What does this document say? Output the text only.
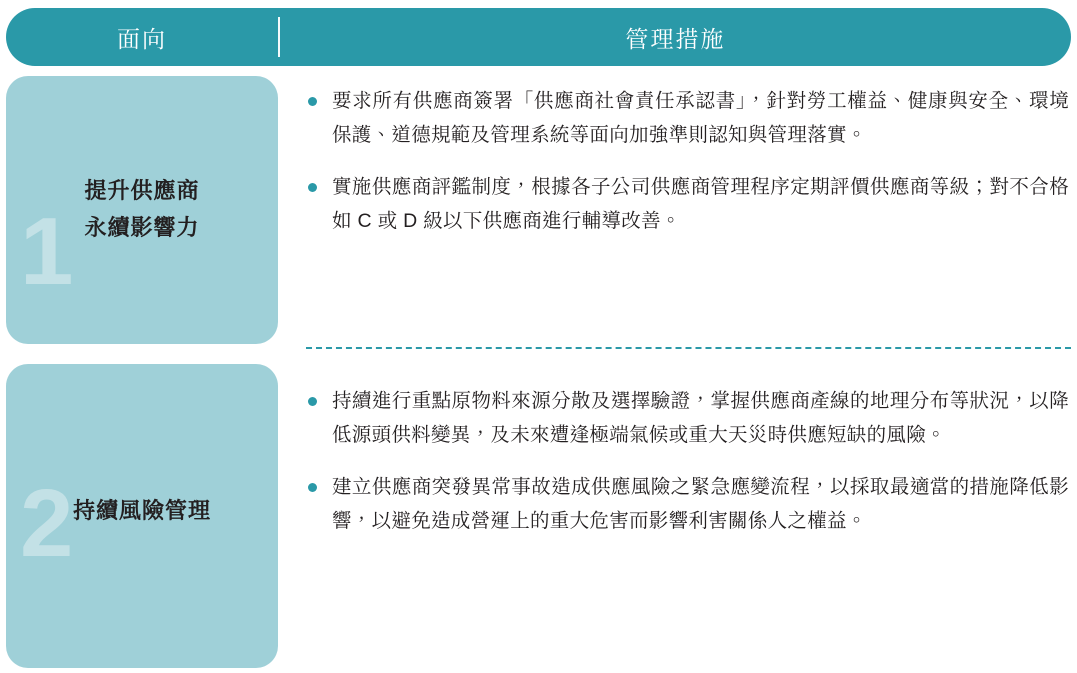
面向	管理措施
1
提升供應商
永續影響力
要求所有供應商簽署「供應商社會責任承認書」，針對勞工權益、健康與安全、環境保護、道德規範及管理系統等面向加強準則認知與管理落實。
實施供應商評鑑制度，根據各子公司供應商管理程序定期評價供應商等級；對不合格如 C 或 D 級以下供應商進行輔導改善。
2 持續風險管理
持續進行重點原物料來源分散及選擇驗證，掌握供應商產線的地理分布等狀況，以降低源頭供料變異，及未來遭逢極端氣候或重大天災時供應短缺的風險。
建立供應商突發異常事故造成供應風險之緊急應變流程，以採取最適當的措施降低影響，以避免造成營運上的重大危害而影響利害關係人之權益。
